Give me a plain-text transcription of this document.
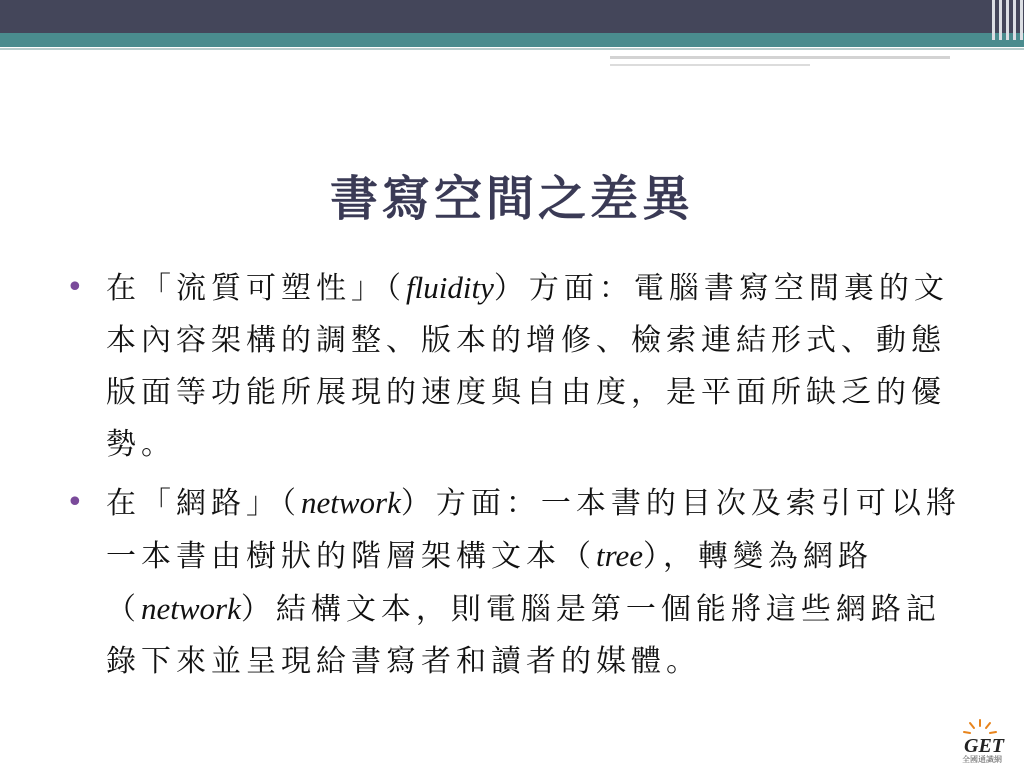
書寫空間之差異
• 在「流質可塑性」（fluidity）方面：電腦書寫空間裏的文本內容架構的調整、版本的增修、檢索連結形式、動態版面等功能所展現的速度與自由度，是平面所缺乏的優勢。
• 在「網路」（network）方面：一本書的目次及索引可以將一本書由樹狀的階層架構文本（tree），轉變為網路（network）結構文本，則電腦是第一個能將這些網路記錄下來並呈現給書寫者和讀者的媒體。
GET
全國通識網
